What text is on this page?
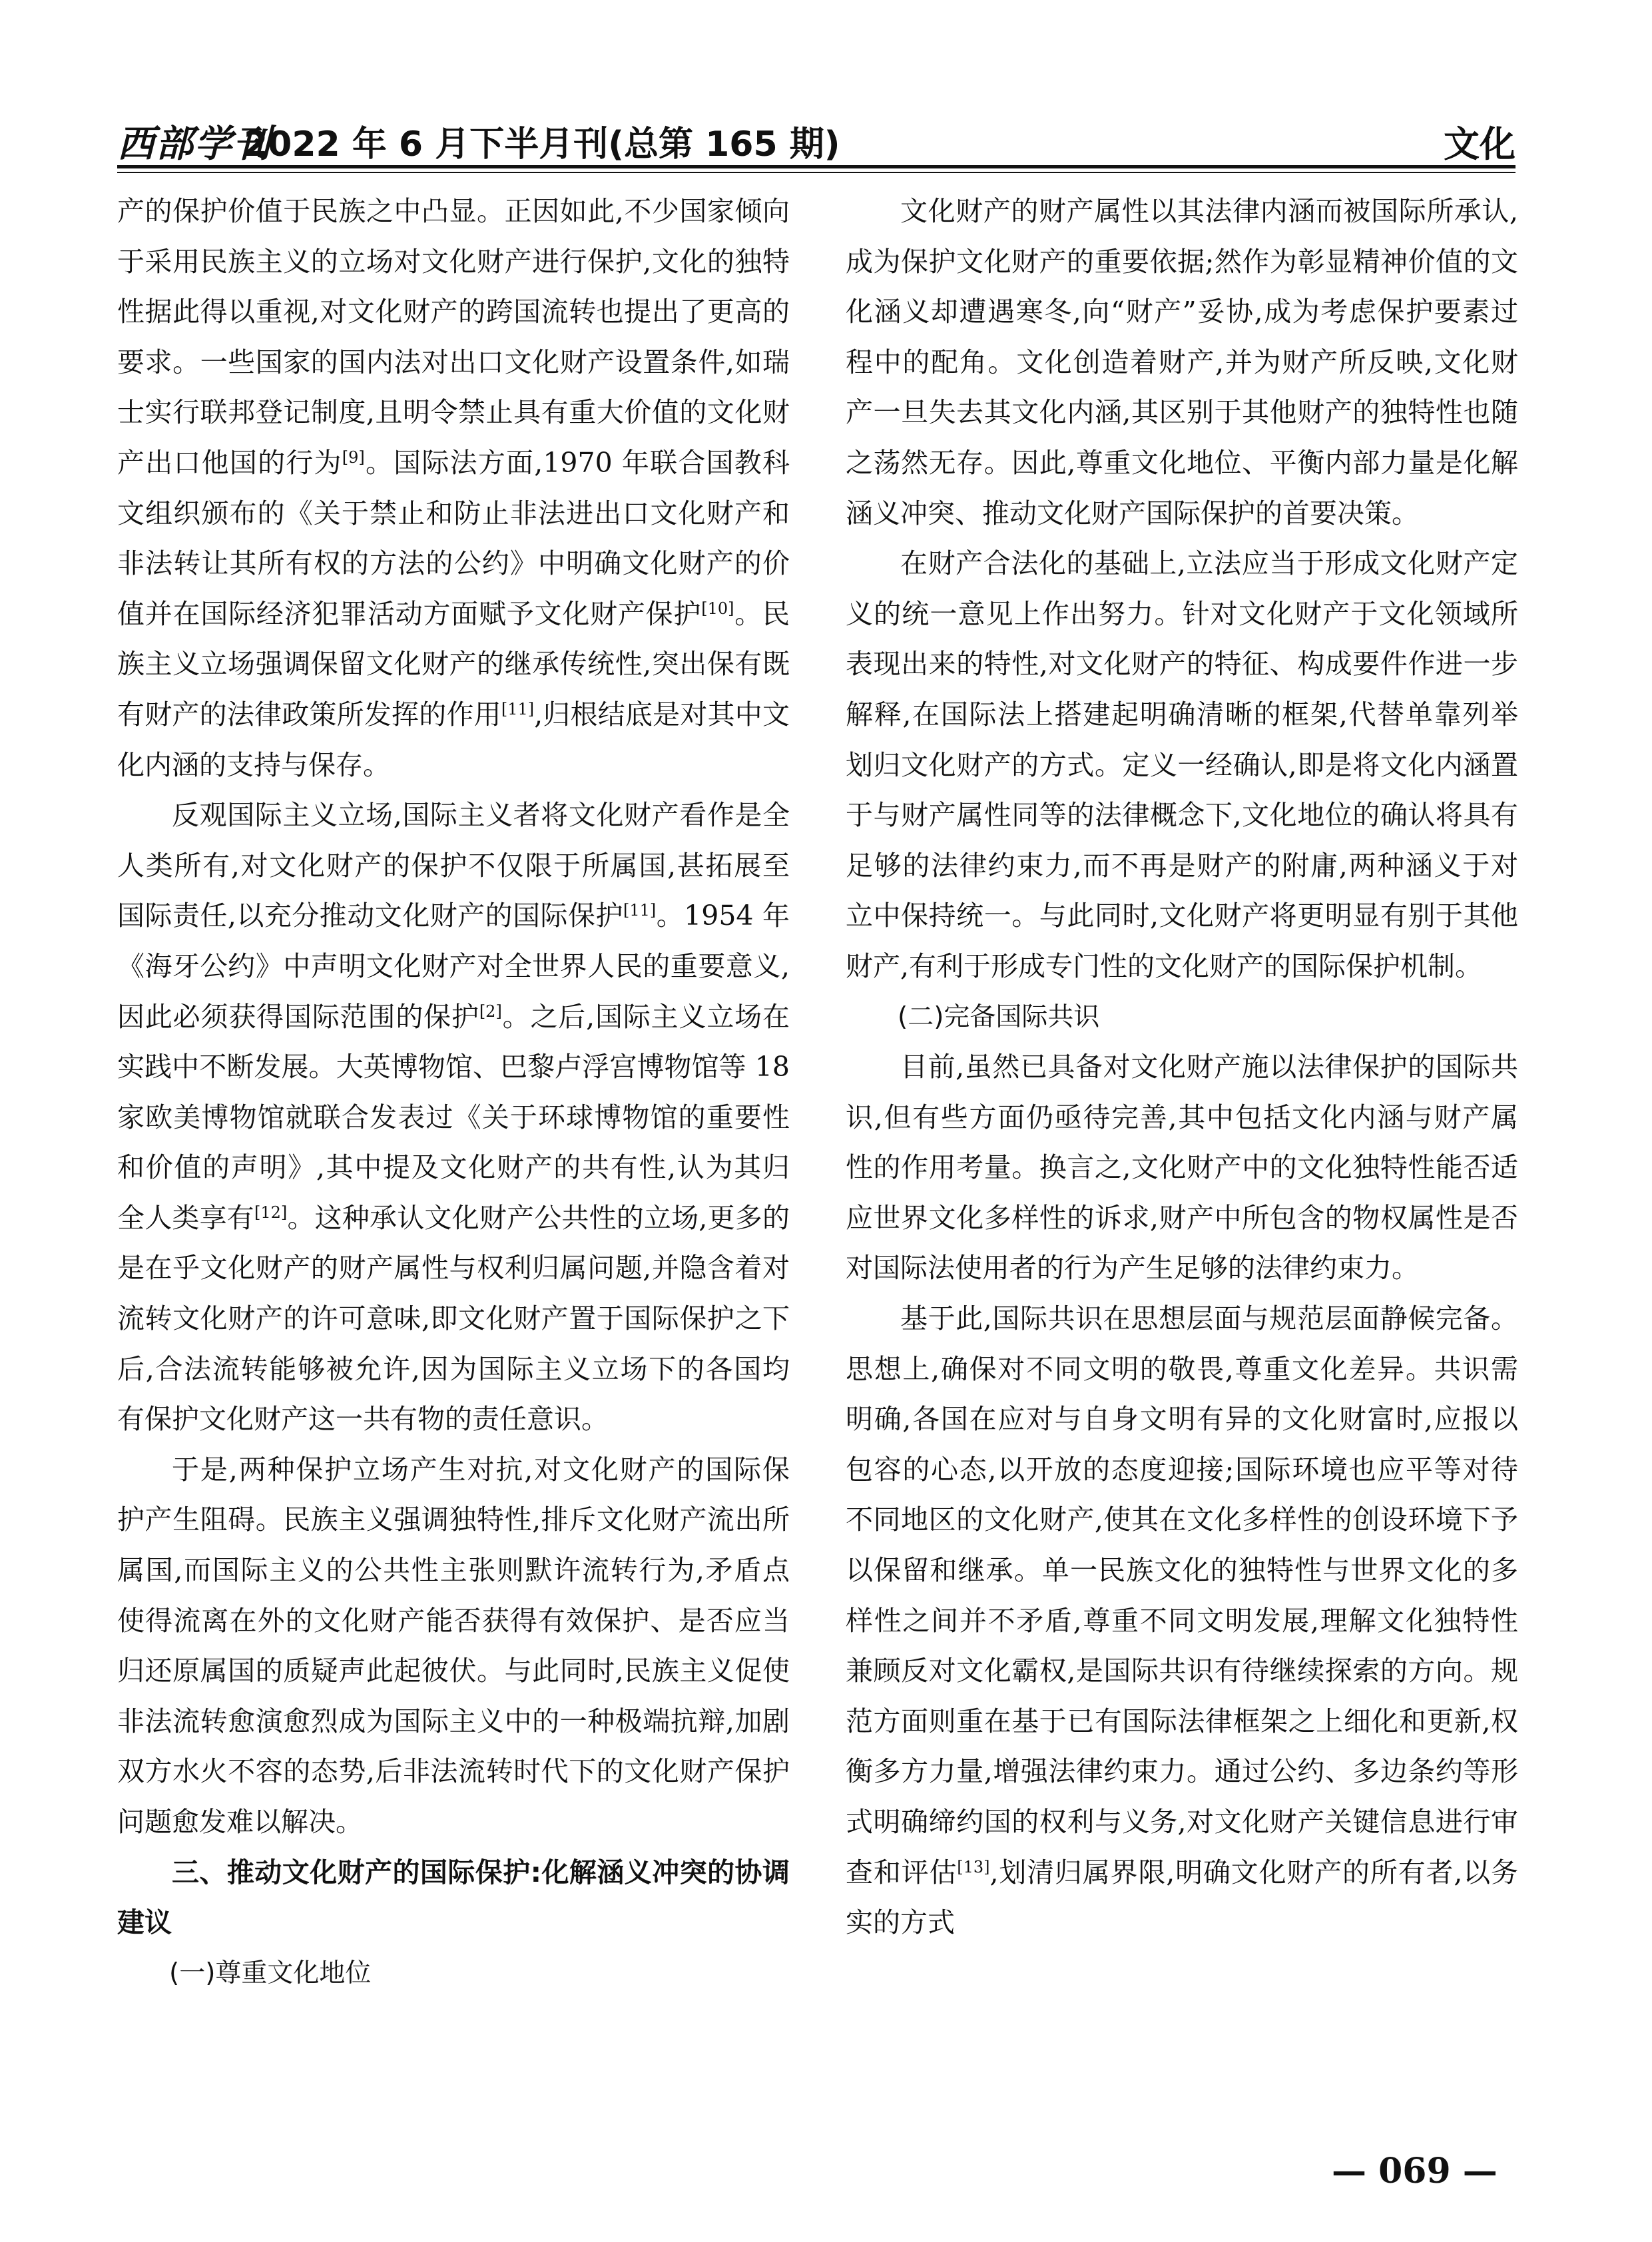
西部学刊
2022 年 6 月下半月刊(总第 165 期)	文化

产的保护价值于民族之中凸显。正因如此,不少国家倾向于采用民族主义的立场对文化财产进行保护,文化的独特性据此得以重视,对文化财产的跨国流转也提出了更高的要求。一些国家的国内法对出口文化财产设置条件,如瑞士实行联邦登记制度,且明令禁止具有重大价值的文化财产出口他国的行为[9]。国际法方面,1970 年联合国教科文组织颁布的《关于禁止和防止非法进出口文化财产和非法转让其所有权的方法的公约》中明确文化财产的价值并在国际经济犯罪活动方面赋予文化财产保护[10]。民族主义立场强调保留文化财产的继承传统性,突出保有既有财产的法律政策所发挥的作用[11],归根结底是对其中文化内涵的支持与保存。

反观国际主义立场,国际主义者将文化财产看作是全人类所有,对文化财产的保护不仅限于所属国,甚拓展至国际责任,以充分推动文化财产的国际保护[11]。1954 年《海牙公约》中声明文化财产对全世界人民的重要意义,因此必须获得国际范围的保护[2]。之后,国际主义立场在实践中不断发展。大英博物馆、巴黎卢浮宫博物馆等 18 家欧美博物馆就联合发表过《关于环球博物馆的重要性和价值的声明》,其中提及文化财产的共有性,认为其归全人类享有[12]。这种承认文化财产公共性的立场,更多的是在乎文化财产的财产属性与权利归属问题,并隐含着对流转文化财产的许可意味,即文化财产置于国际保护之下后,合法流转能够被允许,因为国际主义立场下的各国均有保护文化财产这一共有物的责任意识。

于是,两种保护立场产生对抗,对文化财产的国际保护产生阻碍。民族主义强调独特性,排斥文化财产流出所属国,而国际主义的公共性主张则默许流转行为,矛盾点使得流离在外的文化财产能否获得有效保护、是否应当归还原属国的质疑声此起彼伏。与此同时,民族主义促使非法流转愈演愈烈成为国际主义中的一种极端抗辩,加剧双方水火不容的态势,后非法流转时代下的文化财产保护问题愈发难以解决。

三、推动文化财产的国际保护:化解涵义冲突的协调建议

(一)尊重文化地位

文化财产的财产属性以其法律内涵而被国际所承认,成为保护文化财产的重要依据;然作为彰显精神价值的文化涵义却遭遇寒冬,向“财产”妥协,成为考虑保护要素过程中的配角。文化创造着财产,并为财产所反映,文化财产一旦失去其文化内涵,其区别于其他财产的独特性也随之荡然无存。因此,尊重文化地位、平衡内部力量是化解涵义冲突、推动文化财产国际保护的首要决策。

在财产合法化的基础上,立法应当于形成文化财产定义的统一意见上作出努力。针对文化财产于文化领域所表现出来的特性,对文化财产的特征、构成要件作进一步解释,在国际法上搭建起明确清晰的框架,代替单靠列举划归文化财产的方式。定义一经确认,即是将文化内涵置于与财产属性同等的法律概念下,文化地位的确认将具有足够的法律约束力,而不再是财产的附庸,两种涵义于对立中保持统一。与此同时,文化财产将更明显有别于其他财产,有利于形成专门性的文化财产的国际保护机制。

(二)完备国际共识

目前,虽然已具备对文化财产施以法律保护的国际共识,但有些方面仍亟待完善,其中包括文化内涵与财产属性的作用考量。换言之,文化财产中的文化独特性能否适应世界文化多样性的诉求,财产中所包含的物权属性是否对国际法使用者的行为产生足够的法律约束力。

基于此,国际共识在思想层面与规范层面静候完备。思想上,确保对不同文明的敬畏,尊重文化差异。共识需明确,各国在应对与自身文明有异的文化财富时,应报以包容的心态,以开放的态度迎接;国际环境也应平等对待不同地区的文化财产,使其在文化多样性的创设环境下予以保留和继承。单一民族文化的独特性与世界文化的多样性之间并不矛盾,尊重不同文明发展,理解文化独特性兼顾反对文化霸权,是国际共识有待继续探索的方向。规范方面则重在基于已有国际法律框架之上细化和更新,权衡多方力量,增强法律约束力。通过公约、多边条约等形式明确缔约国的权利与义务,对文化财产关键信息进行审查和评估[13],划清归属界限,明确文化财产的所有者,以务实的方式

— 069 —
